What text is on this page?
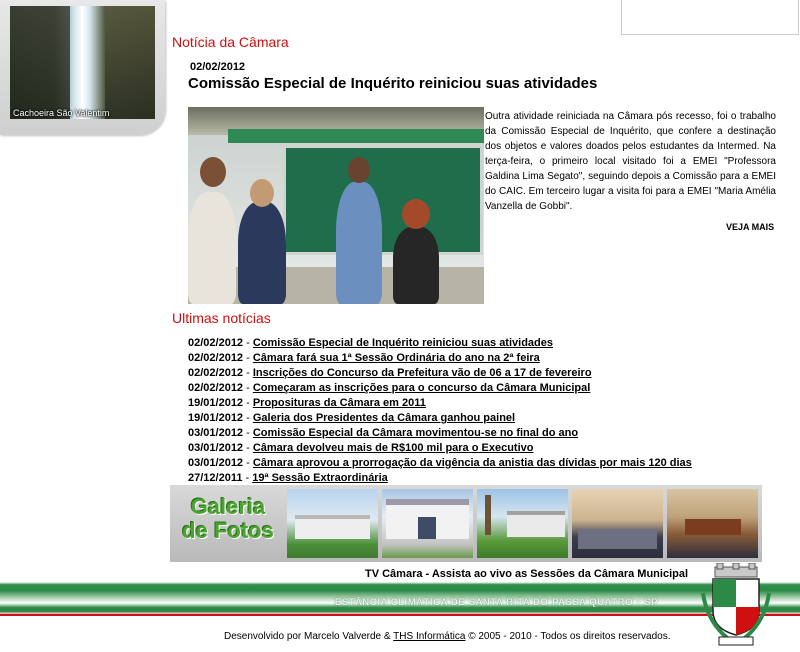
Cachoeira São Valentim
Notícia da Câmara
02/02/2012
Comissão Especial de Inquérito reiniciou suas atividades
Outra atividade reiniciada na Câmara pós recesso, foi o trabalho da Comissão Especial de Inquérito, que confere a destinação dos objetos e valores doados pelos estudantes da Intermed. Na terça-feira, o primeiro local visitado foi a EMEI "Professora Galdina Lima Segato", seguindo depois a Comissão para a EMEI do CAIC. Em terceiro lugar a visita foi para a EMEI "Maria Amélia Vanzella de Gobbi".
VEJA MAIS
Ultimas notícias
02/02/2012 - Comissão Especial de Inquérito reiniciou suas atividades
02/02/2012 - Câmara fará sua 1ª Sessão Ordinária do ano na 2ª feira
02/02/2012 - Inscrições do Concurso da Prefeitura vão de 06 a 17 de fevereiro
02/02/2012 - Começaram as inscrições para o concurso da Câmara Municipal
19/01/2012 - Proposituras da Câmara em 2011
19/01/2012 - Galeria dos Presidentes da Câmara ganhou painel
03/01/2012 - Comissão Especial da Câmara movimentou-se no final do ano
03/01/2012 - Câmara devolveu mais de R$100 mil para o Executivo
03/01/2012 - Câmara aprovou a prorrogação da vigência da anistia das dívidas por mais 120 dias
27/12/2011 - 19ª Sessão Extraordinária
Galeria
de Fotos
TV Câmara - Assista ao vivo as Sessões da Câmara Municipal
ESTÂNCIA CLIMÁTICA DE SANTA RITA DO PASSA QUATRO - SP
Desenvolvido por Marcelo Valverde & THS Informática © 2005 - 2010 - Todos os direitos reservados.
